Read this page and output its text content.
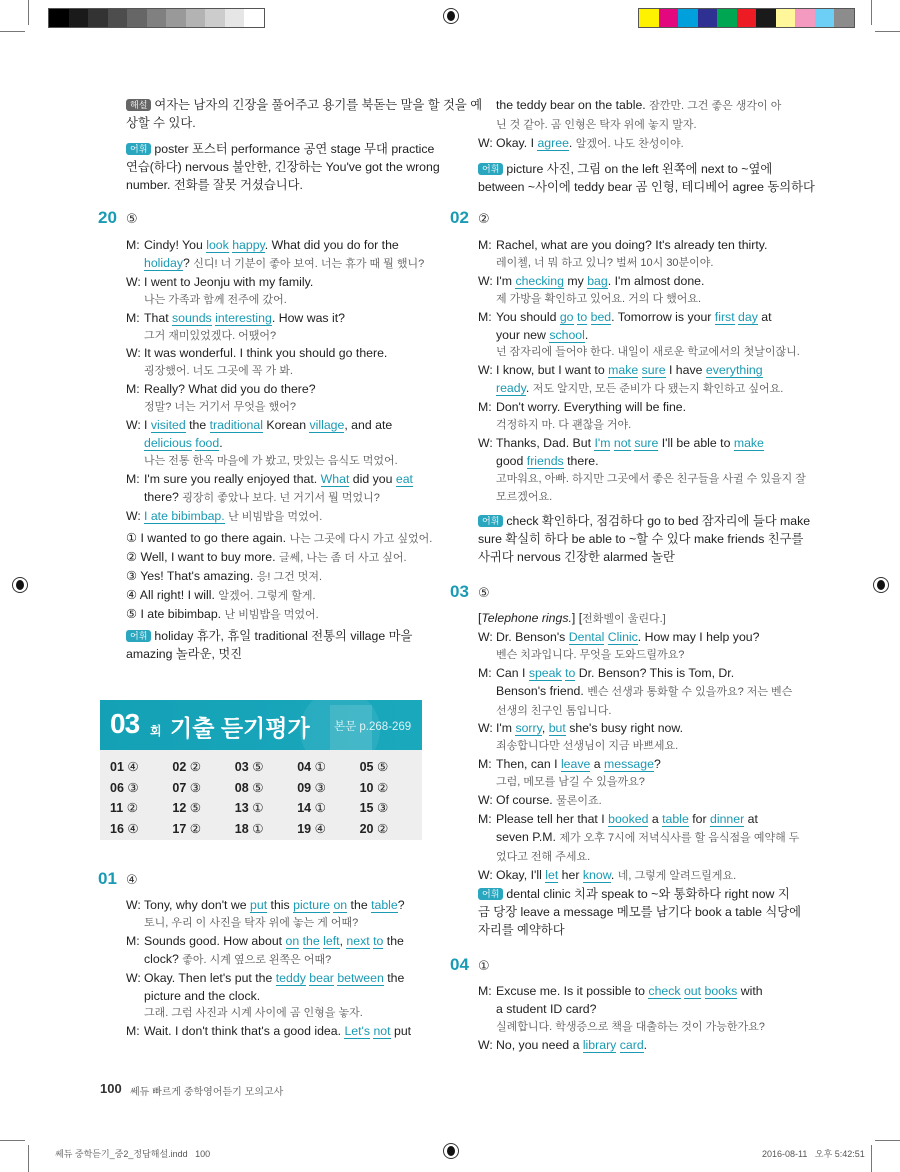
해설 여자는 남자의 긴장을 풀어주고 용기를 북돋는 말을 할 것을 예
상할 수 있다.
어휘 poster 포스터 performance 공연 stage 무대 practice
연습(하다) nervous 불안한, 긴장하는 You've got the wrong
number. 전화를 잘못 거셨습니다.
20 ⑤
M: Cindy! You look happy. What did you do for the
holiday? 신디! 너 기분이 좋아 보여. 너는 휴가 때 뭘 했니?
W: I went to Jeonju with my family.
나는 가족과 함께 전주에 갔어.
M: That sounds interesting. How was it?
그거 재미있었겠다. 어땠어?
W: It was wonderful. I think you should go there.
굉장했어. 너도 그곳에 꼭 가 봐.
M: Really? What did you do there?
정말? 너는 거기서 무엇을 했어?
W: I visited the traditional Korean village, and ate
delicious food.
나는 전통 한옥 마을에 가 봤고, 맛있는 음식도 먹었어.
M: I'm sure you really enjoyed that. What did you eat
there? 굉장히 좋았나 보다. 넌 거기서 뭘 먹었니?
W: I ate bibimbap. 난 비빔밥을 먹었어.
① I wanted to go there again. 나는 그곳에 다시 가고 싶었어.
② Well, I want to buy more. 글쎄, 나는 좀 더 사고 싶어.
③ Yes! That's amazing. 응! 그건 멋져.
④ All right! I will. 알겠어. 그렇게 할게.
⑤ I ate bibimbap. 난 비빔밥을 먹었어.
어휘 holiday 휴가, 휴일 traditional 전통의 village 마을
amazing 놀라운, 멋진
03 회 기출 듣기평가 본문 p.268-269
01 ④	02 ②	03 ⑤	04 ①	05 ⑤
06 ③	07 ③	08 ⑤	09 ③	10 ②
11 ②	12 ⑤	13 ①	14 ①	15 ③
16 ④	17 ②	18 ①	19 ④	20 ②
01 ④
W: Tony, why don't we put this picture on the table?
토니, 우리 이 사진을 탁자 위에 놓는 게 어때?
M: Sounds good. How about on the left, next to the
clock? 좋아. 시계 옆으로 왼쪽은 어때?
W: Okay. Then let's put the teddy bear between the
picture and the clock.
그래. 그럼 사진과 시계 사이에 곰 인형을 놓자.
M: Wait. I don't think that's a good idea. Let's not put
the teddy bear on the table. 잠깐만. 그건 좋은 생각이 아
닌 것 같아. 곰 인형은 탁자 위에 놓지 말자.
W: Okay. I agree. 알겠어. 나도 찬성이야.
어휘 picture 사진, 그림 on the left 왼쪽에 next to ~옆에
between ~사이에 teddy bear 곰 인형, 테디베어 agree 동의하다
02 ②
M: Rachel, what are you doing? It's already ten thirty.
레이첼, 너 뭐 하고 있니? 벌써 10시 30분이야.
W: I'm checking my bag. I'm almost done.
제 가방을 확인하고 있어요. 거의 다 했어요.
M: You should go to bed. Tomorrow is your first day at
your new school.
넌 잠자리에 들어야 한다. 내일이 새로운 학교에서의 첫날이잖니.
W: I know, but I want to make sure I have everything
ready. 저도 알지만, 모든 준비가 다 됐는지 확인하고 싶어요.
M: Don't worry. Everything will be fine.
걱정하지 마. 다 괜찮을 거야.
W: Thanks, Dad. But I'm not sure I'll be able to make
good friends there.
고마워요, 아빠. 하지만 그곳에서 좋은 친구들을 사귈 수 있을지 잘
모르겠어요.
어휘 check 확인하다, 점검하다 go to bed 잠자리에 들다 make
sure 확실히 하다 be able to ~할 수 있다 make friends 친구를
사귀다 nervous 긴장한 alarmed 놀란
03 ⑤
[Telephone rings.] [전화벨이 울린다.]
W: Dr. Benson's Dental Clinic. How may I help you?
벤슨 치과입니다. 무엇을 도와드릴까요?
M: Can I speak to Dr. Benson? This is Tom, Dr.
Benson's friend. 벤슨 선생과 통화할 수 있을까요? 저는 벤슨
선생의 친구인 톰입니다.
W: I'm sorry, but she's busy right now.
죄송합니다만 선생님이 지금 바쁘세요.
M: Then, can I leave a message?
그럼, 메모를 남길 수 있을까요?
W: Of course. 물론이죠.
M: Please tell her that I booked a table for dinner at
seven P.M. 제가 오후 7시에 저녁식사를 할 음식점을 예약해 두
었다고 전해 주세요.
W: Okay, I'll let her know. 네, 그렇게 알려드릴게요.
어휘 dental clinic 치과 speak to ~와 통화하다 right now 지
금 당장 leave a message 메모를 남기다 book a table 식당에
자리를 예약하다
04 ①
M: Excuse me. Is it possible to check out books with
a student ID card?
실례합니다. 학생증으로 책을 대출하는 것이 가능한가요?
W: No, you need a library card.
100 쎄듀 빠르게 중학영어듣기 모의고사
쎄듀 중학듣기_중2_정답해설.indd   100	2016-08-11   오후 5:42:51
